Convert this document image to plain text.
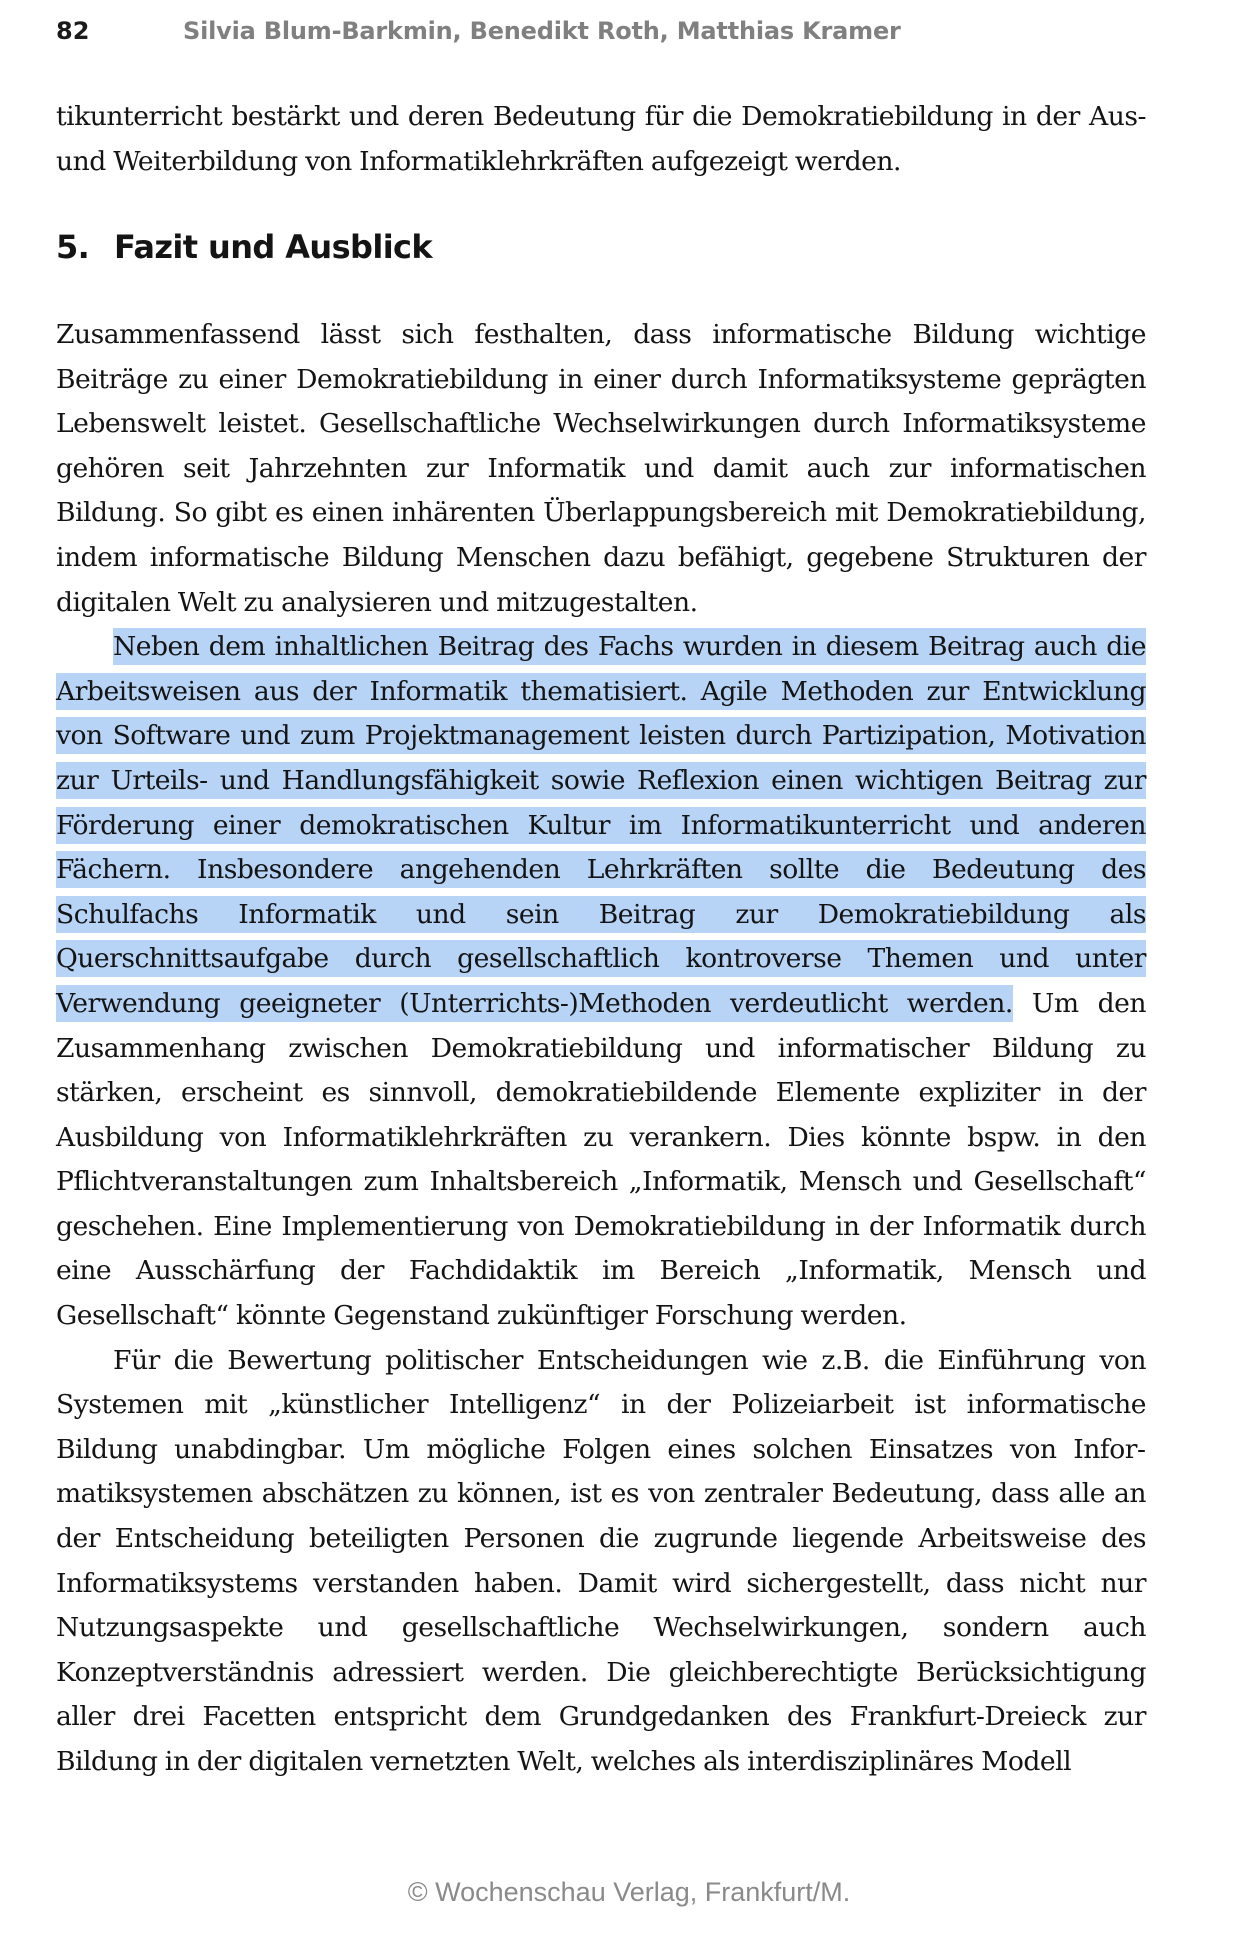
82	Silvia Blum-Barkmin, Benedikt Roth, Matthias Kramer

tikunterricht bestärkt und deren Bedeutung für die Demokratiebildung in der Aus- und Weiterbildung von Informatiklehrkräften aufgezeigt werden.

5. Fazit und Ausblick

Zusammenfassend lässt sich festhalten, dass informatische Bildung wichtige Beiträge zu einer Demokratiebildung in einer durch Informatiksysteme geprägten Lebenswelt leistet. Gesellschaftliche Wechselwirkungen durch Informatiksysteme gehören seit Jahrzehnten zur Informatik und damit auch zur informatischen Bildung. So gibt es einen inhärenten Überlappungsbereich mit Demokratiebildung, indem informatische Bildung Menschen dazu befähigt, gegebene Strukturen der digitalen Welt zu analysieren und mitzugestalten.

Neben dem inhaltlichen Beitrag des Fachs wurden in diesem Beitrag auch die Arbeitsweisen aus der Informatik thematisiert. Agile Methoden zur Entwicklung von Software und zum Projektmanagement leisten durch Partizipation, Motivation zur Urteils- und Handlungsfähigkeit sowie Reflexion einen wichtigen Beitrag zur Förderung einer demokratischen Kultur im Informatikunterricht und anderen Fächern. Insbesondere angehenden Lehrkräften sollte die Bedeutung des Schulfachs Informatik und sein Beitrag zur Demokratiebildung als Querschnittsaufgabe durch gesellschaftlich kontroverse Themen und unter Verwendung geeigneter (Unterrichts-)Methoden verdeutlicht werden. Um den Zusammenhang zwischen Demokratiebildung und informatischer Bildung zu stärken, erscheint es sinnvoll, demokratiebildende Elemente expliziter in der Ausbildung von Informatiklehrkräften zu verankern. Dies könnte bspw. in den Pflichtveranstaltungen zum Inhaltsbereich „Informatik, Mensch und Gesellschaft“ geschehen. Eine Implementierung von Demokratiebildung in der Informatik durch eine Ausschärfung der Fachdidaktik im Bereich „Informatik, Mensch und Gesellschaft“ könnte Gegenstand zukünftiger Forschung werden.

Für die Bewertung politischer Entscheidungen wie z.B. die Einführung von Systemen mit „künstlicher Intelligenz“ in der Polizeiarbeit ist informatische Bildung unabdingbar. Um mögliche Folgen eines solchen Einsatzes von Informatiksystemen abschätzen zu können, ist es von zentraler Bedeutung, dass alle an der Entscheidung beteiligten Personen die zugrunde liegende Arbeitsweise des Informatiksystems verstanden haben. Damit wird sichergestellt, dass nicht nur Nutzungsaspekte und gesellschaftliche Wechselwirkungen, sondern auch Konzeptverständnis adressiert werden. Die gleichberechtigte Berücksichtigung aller drei Facetten entspricht dem Grundgedanken des Frankfurt-Dreieck zur Bildung in der digitalen vernetzten Welt, welches als interdisziplinäres Modell

© Wochenschau Verlag, Frankfurt/M.
